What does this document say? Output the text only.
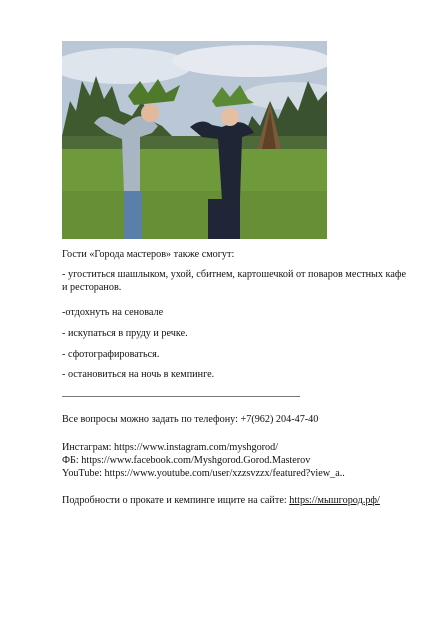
Гости «Города мастеров» также смогут:
- угоститься шашлыком, ухой, сбитнем, картошечкой от поваров местных кафе и ресторанов.
-отдохнуть на сеновале
- искупаться в пруду и речке.
- сфотографироваться.
- остановиться на ночь в кемпинге.
Все вопросы можно задать по телефону: +7(962) 204-47-40
Инстаграм: https://www.instagram.com/myshgorod/
ФБ: https://www.facebook.com/Myshgorod.Gorod.Masterov
YouTube: https://www.youtube.com/user/xzzsvzzx/featured?view_a..
Подробности о прокате и кемпинге ищите на сайте: https://мышгород.рф/
